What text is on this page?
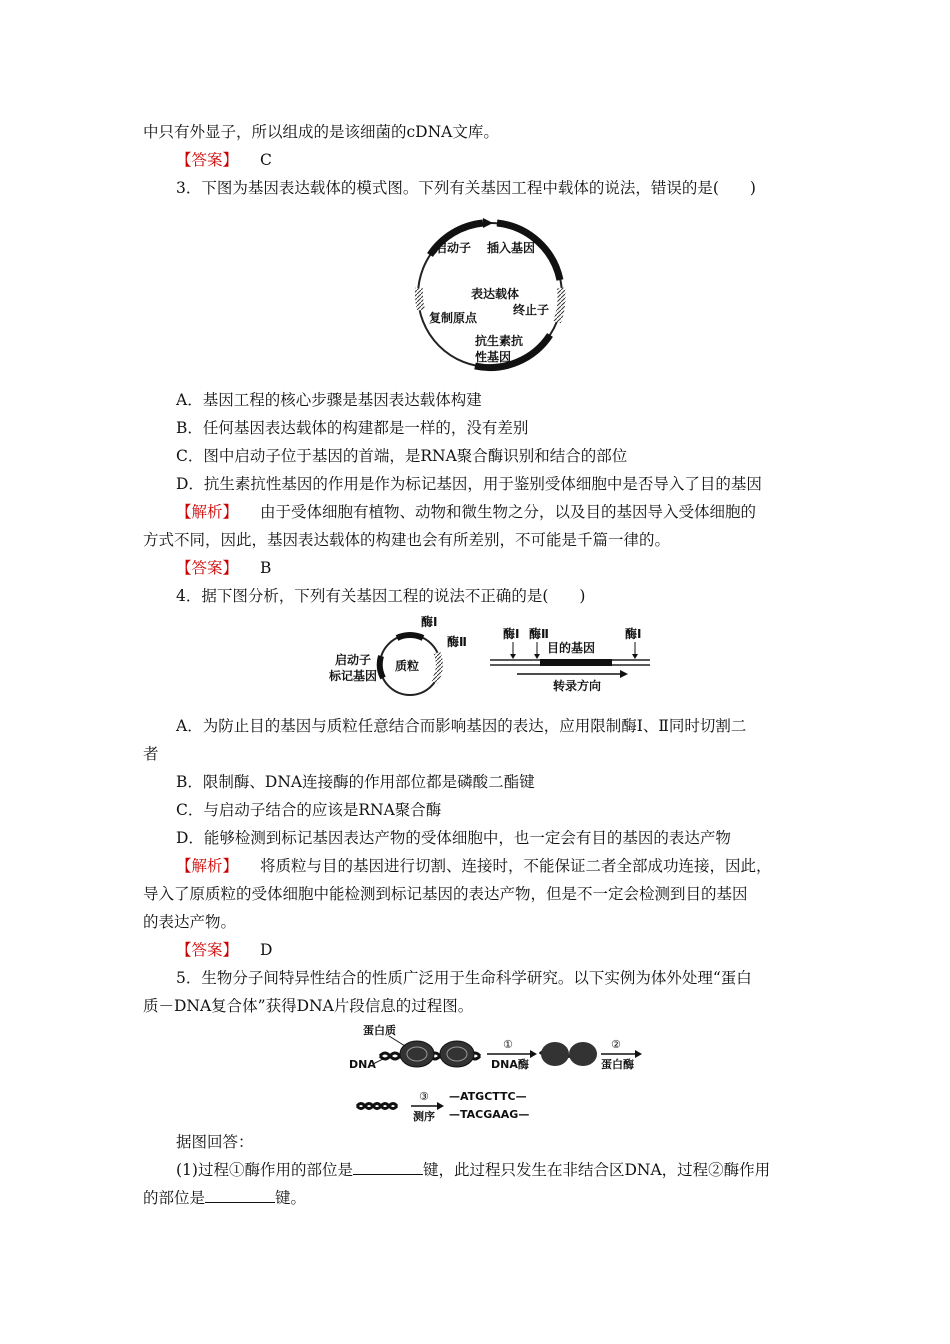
中只有外显子，所以组成的是该细菌的cDNA文库。
【答案】 C
3．下图为基因表达载体的模式图。下列有关基因工程中载体的说法，错误的是(　　)
启动子 插入基因
表达载体
终止子
复制原点
抗生素抗
性基因
A．基因工程的核心步骤是基因表达载体构建
B．任何基因表达载体的构建都是一样的，没有差别
C．图中启动子位于基因的首端，是RNA聚合酶识别和结合的部位
D．抗生素抗性基因的作用是作为标记基因，用于鉴别受体细胞中是否导入了目的基因
【解析】 由于受体细胞有植物、动物和微生物之分，以及目的基因导入受体细胞的
方式不同，因此，基因表达载体的构建也会有所差别，不可能是千篇一律的。
【答案】 B
4．据下图分析，下列有关基因工程的说法不正确的是(　　)
质粒
酶Ⅰ
酶Ⅱ
启动子
标记基因
酶Ⅰ 酶Ⅱ	酶Ⅰ
目的基因
转录方向
A．为防止目的基因与质粒任意结合而影响基因的表达，应用限制酶Ⅰ、Ⅱ同时切割二
者
B．限制酶、DNA连接酶的作用部位都是磷酸二酯键
C．与启动子结合的应该是RNA聚合酶
D．能够检测到标记基因表达产物的受体细胞中，也一定会有目的基因的表达产物
【解析】 将质粒与目的基因进行切割、连接时，不能保证二者全部成功连接，因此，
导入了原质粒的受体细胞中能检测到标记基因的表达产物，但是不一定会检测到目的基因
的表达产物。
【答案】 D
5．生物分子间特异性结合的性质广泛用于生命科学研究。以下实例为体外处理“蛋白
质－DNA复合体”获得DNA片段信息的过程图。
蛋白质
DNA
①
DNA酶
②
蛋白酶
③
测序
—ATGCTTC—
—TACGAAG—
据图回答：
(1)过程①酶作用的部位是	键，此过程只发生在非结合区DNA，过程②酶作用
的部位是	键。
